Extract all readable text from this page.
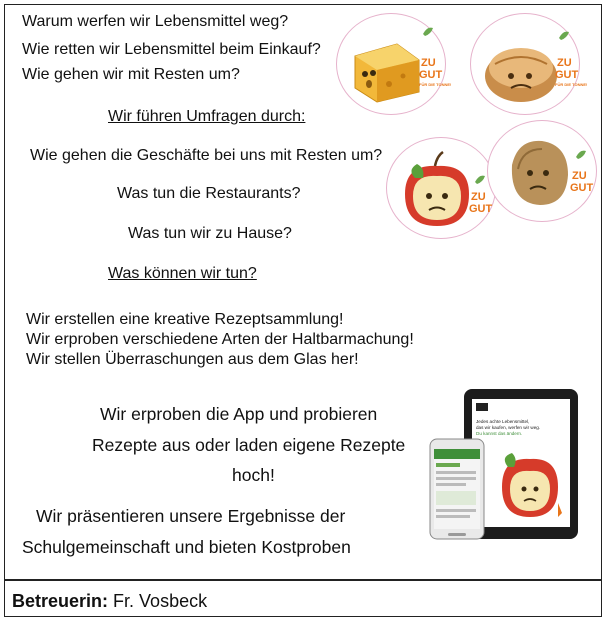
Warum werfen wir Lebensmittel weg?
Wie retten wir Lebensmittel beim Einkauf?
Wie gehen wir mit Resten um?
Wir führen Umfragen durch:
Wie gehen die Geschäfte bei uns mit Resten um?
Was tun die Restaurants?
Was tun wir zu Hause?
Was können wir tun?
Wir erstellen eine kreative Rezeptsammlung!
Wir erproben verschiedene Arten der Haltbarmachung!
Wir stellen Überraschungen aus dem Glas her!
Wir erproben die App und probieren
Rezepte aus oder laden eigene Rezepte
hoch!
Wir präsentieren unsere Ergebnisse der
Schulgemeinschaft und bieten Kostproben
Betreuerin: Fr. Vosbeck
ZU
GUT
FÜR DIE TONNE!
ZU
GUT
FÜR DIE TONNE!
ZU
GUT
ZU
GUT
Jedes achte Lebensmittel,
das wir kaufen, werfen wir weg.
Du kannst das ändern.
